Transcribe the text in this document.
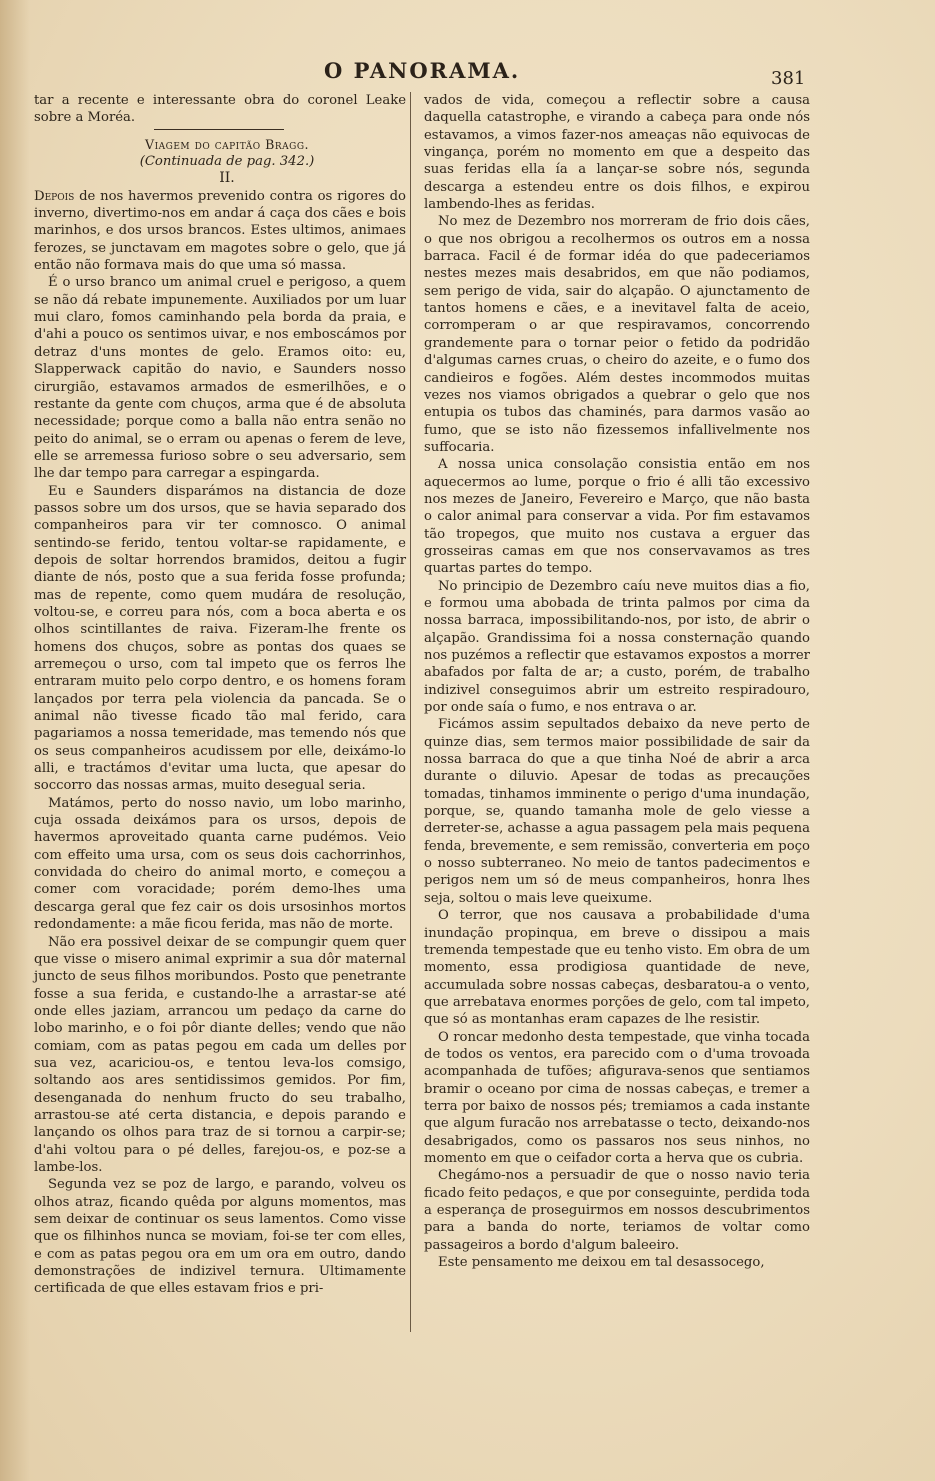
O PANORAMA.	381

tar a recente e interessante obra do coronel Leake sobre a Moréa.

Viagem do capitão Bragg.

(Continuada de pag. 342.)

II.

Depois de nos havermos prevenido contra os rigores do inverno, divertimo-nos em andar á caça dos cães e bois marinhos, e dos ursos brancos. Estes ultimos, animaes ferozes, se junctavam em magotes sobre o gelo, que já então não formava mais do que uma só massa.

É o urso branco um animal cruel e perigoso, a quem se não dá rebate impunemente. Auxiliados por um luar mui claro, fomos caminhando pela borda da praia, e d'ahi a pouco os sentimos uivar, e nos emboscámos por detraz d'uns montes de gelo. Eramos oito: eu, Slapperwack capitão do navio, e Saunders nosso cirurgião, estavamos armados de esmerilhões, e o restante da gente com chuços, arma que é de absoluta necessidade; porque como a balla não entra senão no peito do animal, se o erram ou apenas o ferem de leve, elle se arremessa furioso sobre o seu adversario, sem lhe dar tempo para carregar a espingarda.

Eu e Saunders disparámos na distancia de doze passos sobre um dos ursos, que se havia separado dos companheiros para vir ter comnosco. O animal sentindo-se ferido, tentou voltar-se rapidamente, e depois de soltar horrendos bramidos, deitou a fugir diante de nós, posto que a sua ferida fosse profunda; mas de repente, como quem mudára de resolução, voltou-se, e correu para nós, com a boca aberta e os olhos scintillantes de raiva. Fizeram-lhe frente os homens dos chuços, sobre as pontas dos quaes se arremeçou o urso, com tal impeto que os ferros lhe entraram muito pelo corpo dentro, e os homens foram lançados por terra pela violencia da pancada. Se o animal não tivesse ficado tão mal ferido, cara pagariamos a nossa temeridade, mas temendo nós que os seus companheiros acudissem por elle, deixámo-lo alli, e tractámos d'evitar uma lucta, que apesar do soccorro das nossas armas, muito desegual seria.

Matámos, perto do nosso navio, um lobo marinho, cuja ossada deixámos para os ursos, depois de havermos aproveitado quanta carne pudémos. Veio com effeito uma ursa, com os seus dois cachorrinhos, convidada do cheiro do animal morto, e começou a comer com voracidade; porém demo-lhes uma descarga geral que fez cair os dois ursosinhos mortos redondamente: a mãe ficou ferida, mas não de morte.

Não era possivel deixar de se compungir quem quer que visse o misero animal exprimir a sua dôr maternal juncto de seus filhos moribundos. Posto que penetrante fosse a sua ferida, e custando-lhe a arrastar-se até onde elles jaziam, arrancou um pedaço da carne do lobo marinho, e o foi pôr diante delles; vendo que não comiam, com as patas pegou em cada um delles por sua vez, acariciou-os, e tentou leva-los comsigo, soltando aos ares sentidissimos gemidos. Por fim, desenganada do nenhum fructo do seu trabalho, arrastou-se até certa distancia, e depois parando e lançando os olhos para traz de si tornou a carpir-se; d'ahi voltou para o pé delles, farejou-os, e poz-se a lambe-los.

Segunda vez se poz de largo, e parando, volveu os olhos atraz, ficando quêda por alguns momentos, mas sem deixar de continuar os seus lamentos. Como visse que os filhinhos nunca se moviam, foi-se ter com elles, e com as patas pegou ora em um ora em outro, dando demonstrações de indizivel ternura. Ultimamente certificada de que elles estavam frios e pri-

vados de vida, começou a reflectir sobre a causa daquella catastrophe, e virando a cabeça para onde nós estavamos, a vimos fazer-nos ameaças não equivocas de vingança, porém no momento em que a despeito das suas feridas ella ía a lançar-se sobre nós, segunda descarga a estendeu entre os dois filhos, e expirou lambendo-lhes as feridas.

No mez de Dezembro nos morreram de frio dois cães, o que nos obrigou a recolhermos os outros em a nossa barraca. Facil é de formar idéa do que padeceriamos nestes mezes mais desabridos, em que não podiamos, sem perigo de vida, sair do alçapão. O ajunctamento de tantos homens e cães, e a inevitavel falta de aceio, corromperam o ar que respiravamos, concorrendo grandemente para o tornar peior o fetido da podridão d'algumas carnes cruas, o cheiro do azeite, e o fumo dos candieiros e fogões. Além destes incommodos muitas vezes nos viamos obrigados a quebrar o gelo que nos entupia os tubos das chaminés, para darmos vasão ao fumo, que se isto não fizessemos infallivelmente nos suffocaria.

A nossa unica consolação consistia então em nos aquecermos ao lume, porque o frio é alli tão excessivo nos mezes de Janeiro, Fevereiro e Março, que não basta o calor animal para conservar a vida. Por fim estavamos tão tropegos, que muito nos custava a erguer das grosseiras camas em que nos conservavamos as tres quartas partes do tempo.

No principio de Dezembro caíu neve muitos dias a fio, e formou uma abobada de trinta palmos por cima da nossa barraca, impossibilitando-nos, por isto, de abrir o alçapão. Grandissima foi a nossa consternação quando nos puzémos a reflectir que estavamos expostos a morrer abafados por falta de ar; a custo, porém, de trabalho indizivel conseguimos abrir um estreito respiradouro, por onde saía o fumo, e nos entrava o ar.

Ficámos assim sepultados debaixo da neve perto de quinze dias, sem termos maior possibilidade de sair da nossa barraca do que a que tinha Noé de abrir a arca durante o diluvio. Apesar de todas as precauções tomadas, tinhamos imminente o perigo d'uma inundação, porque, se, quando tamanha mole de gelo viesse a derreter-se, achasse a agua passagem pela mais pequena fenda, brevemente, e sem remissão, converteria em poço o nosso subterraneo. No meio de tantos padecimentos e perigos nem um só de meus companheiros, honra lhes seja, soltou o mais leve queixume.

O terror, que nos causava a probabilidade d'uma inundação propinqua, em breve o dissipou a mais tremenda tempestade que eu tenho visto. Em obra de um momento, essa prodigiosa quantidade de neve, accumulada sobre nossas cabeças, desbaratou-a o vento, que arrebatava enormes porções de gelo, com tal impeto, que só as montanhas eram capazes de lhe resistir.

O roncar medonho desta tempestade, que vinha tocada de todos os ventos, era parecido com o d'uma trovoada acompanhada de tufões; afigurava-senos que sentiamos bramir o oceano por cima de nossas cabeças, e tremer a terra por baixo de nossos pés; tremiamos a cada instante que algum furacão nos arrebatasse o tecto, deixando-nos desabrigados, como os passaros nos seus ninhos, no momento em que o ceifador corta a herva que os cubria.

Chegámo-nos a persuadir de que o nosso navio teria ficado feito pedaços, e que por conseguinte, perdida toda a esperança de proseguirmos em nossos descubrimentos para a banda do norte, teriamos de voltar como passageiros a bordo d'algum baleeiro.

Este pensamento me deixou em tal desassocego,
